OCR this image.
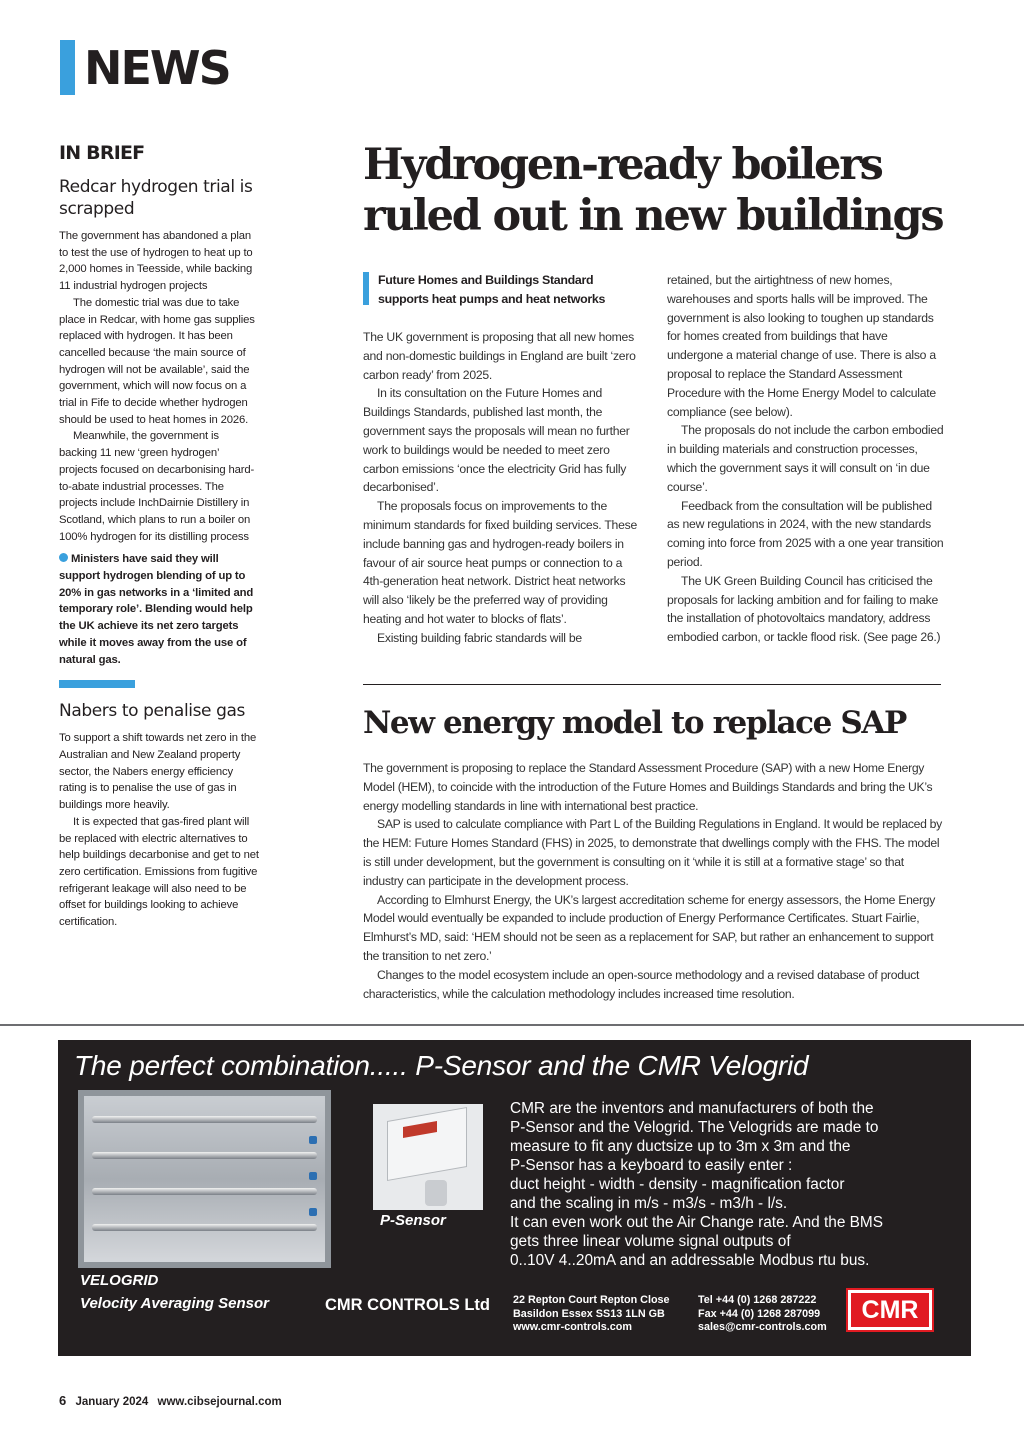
NEWS
IN BRIEF
Redcar hydrogen trial is scrapped

The government has abandoned a plan to test the use of hydrogen to heat up to 2,000 homes in Teesside, while backing 11 industrial hydrogen projects

The domestic trial was due to take place in Redcar, with home gas supplies replaced with hydrogen. It has been cancelled because ‘the main source of hydrogen will not be available’, said the government, which will now focus on a trial in Fife to decide whether hydrogen should be used to heat homes in 2026.

Meanwhile, the government is backing 11 new ‘green hydrogen’ projects focused on decarbonising hard-to-abate industrial processes. The projects include InchDairnie Distillery in Scotland, which plans to run a boiler on 100% hydrogen for its distilling process

Ministers have said they will support hydrogen blending of up to 20% in gas networks in a ‘limited and temporary role’. Blending would help the UK achieve its net zero targets while it moves away from the use of natural gas.

Nabers to penalise gas

To support a shift towards net zero in the Australian and New Zealand property sector, the Nabers energy efficiency rating is to penalise the use of gas in buildings more heavily.

It is expected that gas-fired plant will be replaced with electric alternatives to help buildings decarbonise and get to net zero certification. Emissions from fugitive refrigerant leakage will also need to be offset for buildings looking to achieve certification.

Hydrogen-ready boilers ruled out in new buildings
Future Homes and Buildings Standard supports heat pumps and heat networks

The UK government is proposing that all new homes and non-domestic buildings in England are built ‘zero carbon ready’ from 2025.

In its consultation on the Future Homes and Buildings Standards, published last month, the government says the proposals will mean no further work to buildings would be needed to meet zero carbon emissions ‘once the electricity Grid has fully decarbonised’.

The proposals focus on improvements to the minimum standards for fixed building services. These include banning gas and hydrogen-ready boilers in favour of air source heat pumps or connection to a 4th-generation heat network. District heat networks will also ‘likely be the preferred way of providing heating and hot water to blocks of flats’.

Existing building fabric standards will be

retained, but the airtightness of new homes, warehouses and sports halls will be improved. The government is also looking to toughen up standards for homes created from buildings that have undergone a material change of use. There is also a proposal to replace the Standard Assessment Procedure with the Home Energy Model to calculate compliance (see below).

The proposals do not include the carbon embodied in building materials and construction processes, which the government says it will consult on ‘in due course’.

Feedback from the consultation will be published as new regulations in 2024, with the new standards coming into force from 2025 with a one year transition period.

The UK Green Building Council has criticised the proposals for lacking ambition and for failing to make the installation of photovoltaics mandatory, address embodied carbon, or tackle flood risk. (See page 26.)

New energy model to replace SAP

The government is proposing to replace the Standard Assessment Procedure (SAP) with a new Home Energy Model (HEM), to coincide with the introduction of the Future Homes and Buildings Standards and bring the UK’s energy modelling standards in line with international best practice.

SAP is used to calculate compliance with Part L of the Building Regulations in England. It would be replaced by the HEM: Future Homes Standard (FHS) in 2025, to demonstrate that dwellings comply with the FHS. The model is still under development, but the government is consulting on it ‘while it is still at a formative stage’ so that industry can participate in the development process.

According to Elmhurst Energy, the UK’s largest accreditation scheme for energy assessors, the Home Energy Model would eventually be expanded to include production of Energy Performance Certificates. Stuart Fairlie, Elmhurst’s MD, said: ‘HEM should not be seen as a replacement for SAP, but rather an enhancement to support the transition to net zero.’

Changes to the model ecosystem include an open-source methodology and a revised database of product characteristics, while the calculation methodology includes increased time resolution.

The perfect combination..... P-Sensor and the CMR Velogrid
P-Sensor
VELOGRID
Velocity Averaging Sensor
CMR are the inventors and manufacturers of both the
P-Sensor and the Velogrid. The Velogrids are made to
measure to fit any ductsize up to 3m x 3m and the
P-Sensor has a keyboard to easily enter :
duct height - width - density - magnification factor
and the scaling in m/s - m3/s - m3/h - l/s.
It can even work out the Air Change rate. And the BMS
gets three linear volume signal outputs of
0..10V 4..20mA and an addressable Modbus rtu bus.
CMR CONTROLS Ltd 22 Repton Court Repton Close
Basildon Essex SS13 1LN GB
www.cmr-controls.com
Tel +44 (0) 1268 287222
Fax +44 (0) 1268 287099
sales@cmr-controls.com
CMR
6 January 2024 www.cibsejournal.com
